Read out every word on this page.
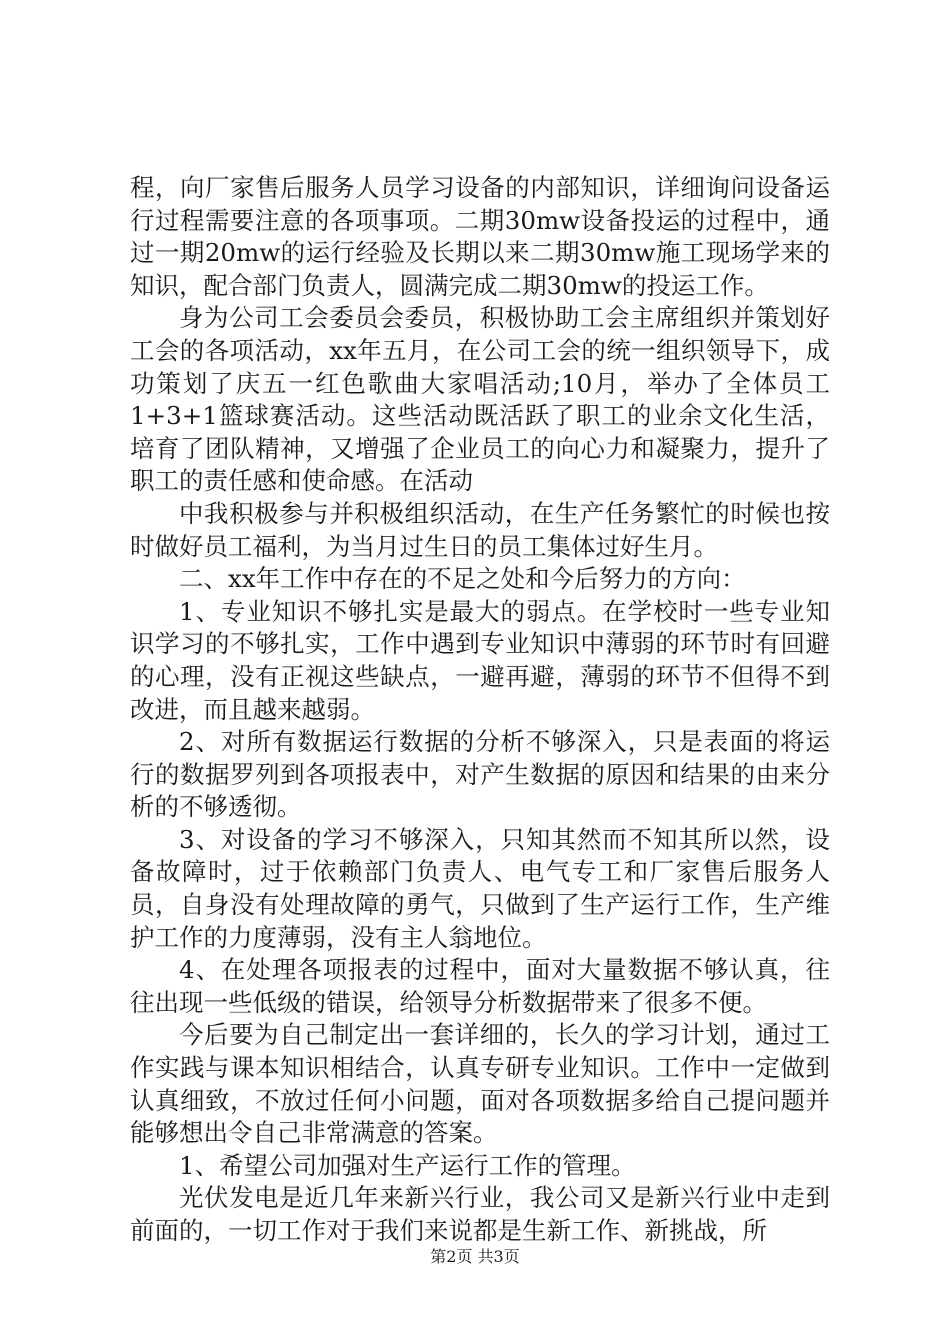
程，向厂家售后服务人员学习设备的内部知识，详细询问设备运行过程需要注意的各项事项。二期30mw设备投运的过程中，通过一期20mw的运行经验及长期以来二期30mw施工现场学来的知识，配合部门负责人，圆满完成二期30mw的投运工作。

身为公司工会委员会委员，积极协助工会主席组织并策划好工会的各项活动，xx年五月，在公司工会的统一组织领导下，成功策划了庆五一红色歌曲大家唱活动;10月，举办了全体员工1+3+1篮球赛活动。这些活动既活跃了职工的业余文化生活，培育了团队精神，又增强了企业员工的向心力和凝聚力，提升了职工的责任感和使命感。在活动

中我积极参与并积极组织活动，在生产任务繁忙的时候也按时做好员工福利，为当月过生日的员工集体过好生月。

二、xx年工作中存在的不足之处和今后努力的方向：

1、专业知识不够扎实是最大的弱点。在学校时一些专业知识学习的不够扎实，工作中遇到专业知识中薄弱的环节时有回避的心理，没有正视这些缺点，一避再避，薄弱的环节不但得不到改进，而且越来越弱。

2、对所有数据运行数据的分析不够深入，只是表面的将运行的数据罗列到各项报表中，对产生数据的原因和结果的由来分析的不够透彻。

3、对设备的学习不够深入，只知其然而不知其所以然，设备故障时，过于依赖部门负责人、电气专工和厂家售后服务人员，自身没有处理故障的勇气，只做到了生产运行工作，生产维护工作的力度薄弱，没有主人翁地位。

4、在处理各项报表的过程中，面对大量数据不够认真，往往出现一些低级的错误，给领导分析数据带来了很多不便。

今后要为自己制定出一套详细的，长久的学习计划，通过工作实践与课本知识相结合，认真专研专业知识。工作中一定做到认真细致，不放过任何小问题，面对各项数据多给自己提问题并能够想出令自己非常满意的答案。

1、希望公司加强对生产运行工作的管理。

光伏发电是近几年来新兴行业，我公司又是新兴行业中走到前面的，一切工作对于我们来说都是生新工作、新挑战，所

第2页 共3页
